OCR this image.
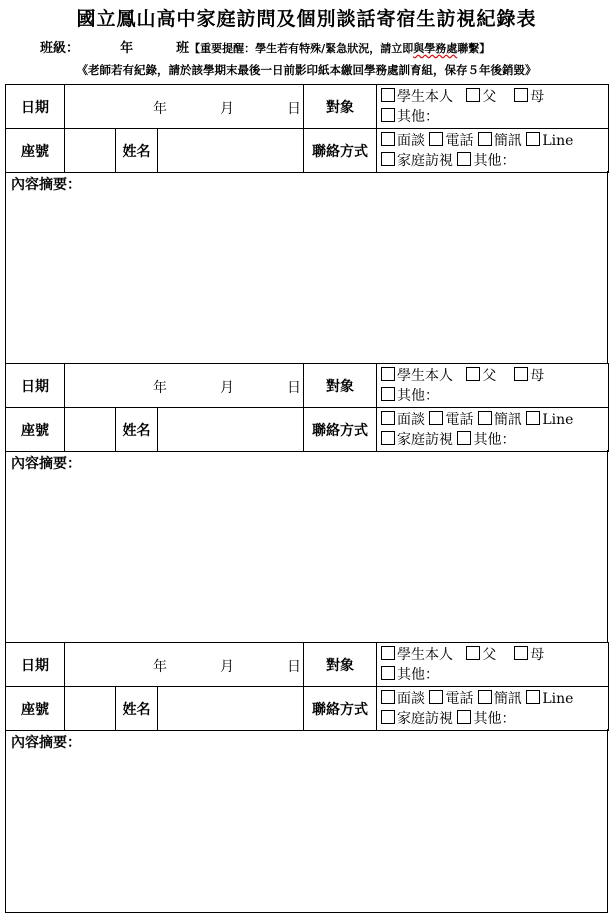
國立鳳山高中家庭訪問及個別談話寄宿生訪視紀錄表
班級：	年	班【重要提醒：學生若有特殊/緊急狀況，請立即與學務處聯繫】
《老師若有紀錄，請於該學期末最後一日前影印紙本繳回學務處訓育組，保存５年後銷毀》
日期	年 月 日			對象	學生本人 父 母
其他：
座號		姓名		聯絡方式	面談 電話 簡訊 Line
家庭訪視 其他：
內容摘要：
日期	年 月 日			對象	學生本人 父 母
其他：
座號		姓名		聯絡方式	面談 電話 簡訊 Line
家庭訪視 其他：
內容摘要：
日期	年 月 日			對象	學生本人 父 母
其他：
座號		姓名		聯絡方式	面談 電話 簡訊 Line
家庭訪視 其他：
內容摘要：
